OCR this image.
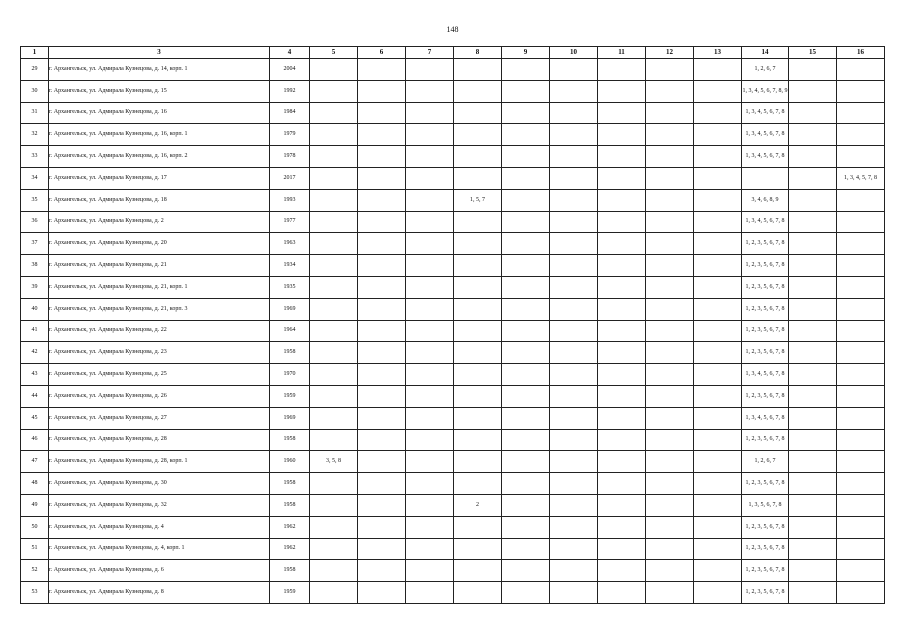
148
1	3	4	5	6	7	8	9	10	11	12	13	14	15	16
29	г. Архангельск, ул. Адмирала Кузнецова, д. 14, корп. 1	2004										1, 2, 6, 7		
30	г. Архангельск, ул. Адмирала Кузнецова, д. 15	1992										1, 3, 4, 5, 6, 7, 8, 9		
31	г. Архангельск, ул. Адмирала Кузнецова, д. 16	1984										1, 3, 4, 5, 6, 7, 8		
32	г. Архангельск, ул. Адмирала Кузнецова, д. 16, корп. 1	1979										1, 3, 4, 5, 6, 7, 8		
33	г. Архангельск, ул. Адмирала Кузнецова, д. 16, корп. 2	1978										1, 3, 4, 5, 6, 7, 8		
34	г. Архангельск, ул. Адмирала Кузнецова, д. 17	2017												1, 3, 4, 5, 7, 8
35	г. Архангельск, ул. Адмирала Кузнецова, д. 18	1993				1, 5, 7						3, 4, 6, 8, 9		
36	г. Архангельск, ул. Адмирала Кузнецова, д. 2	1977										1, 3, 4, 5, 6, 7, 8		
37	г. Архангельск, ул. Адмирала Кузнецова, д. 20	1963										1, 2, 3, 5, 6, 7, 8		
38	г. Архангельск, ул. Адмирала Кузнецова, д. 21	1934										1, 2, 3, 5, 6, 7, 8		
39	г. Архангельск, ул. Адмирала Кузнецова, д. 21, корп. 1	1935										1, 2, 3, 5, 6, 7, 8		
40	г. Архангельск, ул. Адмирала Кузнецова, д. 21, корп. 3	1969										1, 2, 3, 5, 6, 7, 8		
41	г. Архангельск, ул. Адмирала Кузнецова, д. 22	1964										1, 2, 3, 5, 6, 7, 8		
42	г. Архангельск, ул. Адмирала Кузнецова, д. 23	1958										1, 2, 3, 5, 6, 7, 8		
43	г. Архангельск, ул. Адмирала Кузнецова, д. 25	1970										1, 3, 4, 5, 6, 7, 8		
44	г. Архангельск, ул. Адмирала Кузнецова, д. 26	1959										1, 2, 3, 5, 6, 7, 8		
45	г. Архангельск, ул. Адмирала Кузнецова, д. 27	1969										1, 3, 4, 5, 6, 7, 8		
46	г. Архангельск, ул. Адмирала Кузнецова, д. 28	1958										1, 2, 3, 5, 6, 7, 8		
47	г. Архангельск, ул. Адмирала Кузнецова, д. 28, корп. 1	1960	3, 5, 8									1, 2, 6, 7		
48	г. Архангельск, ул. Адмирала Кузнецова, д. 30	1958										1, 2, 3, 5, 6, 7, 8		
49	г. Архангельск, ул. Адмирала Кузнецова, д. 32	1958				2						1, 3, 5, 6, 7, 8		
50	г. Архангельск, ул. Адмирала Кузнецова, д. 4	1962										1, 2, 3, 5, 6, 7, 8		
51	г. Архангельск, ул. Адмирала Кузнецова, д. 4, корп. 1	1962										1, 2, 3, 5, 6, 7, 8		
52	г. Архангельск, ул. Адмирала Кузнецова, д. 6	1958										1, 2, 3, 5, 6, 7, 8		
53	г. Архангельск, ул. Адмирала Кузнецова, д. 8	1959										1, 2, 3, 5, 6, 7, 8		
